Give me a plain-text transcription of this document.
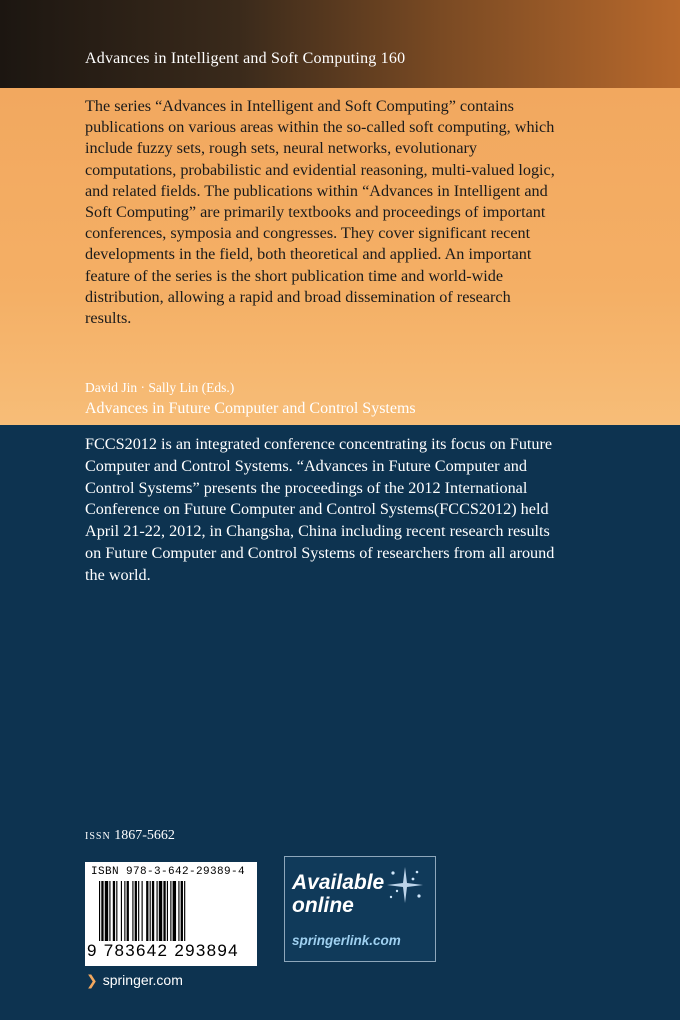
Advances in Intelligent and Soft Computing 160

The series “Advances in Intelligent and Soft Computing” contains publications on various areas within the so-called soft computing, which include fuzzy sets, rough sets, neural networks, evolutionary computations, probabilistic and evidential reasoning, multi-valued logic, and related fields. The publications within “Advances in Intelligent and Soft Computing” are primarily textbooks and proceedings of important conferences, symposia and congresses. They cover significant recent developments in the field, both theoretical and applied. An important feature of the series is the short publication time and world-wide distribution, allowing a rapid and broad dissemination of research results.

David Jin · Sally Lin (Eds.)
Advances in Future Computer and Control Systems

FCCS2012 is an integrated conference concentrating its focus on Future Computer and Control Systems. “Advances in Future Computer and Control Systems” presents the proceedings of the 2012 International Conference on Future Computer and Control Systems(FCCS2012) held April 21-22, 2012, in Changsha, China including recent research results on Future Computer and Control Systems of researchers from all around the world.

issn 1867-5662
ISBN 978-3-642-29389-4
9 783642 293894

Available
online

springerlink.com
❯ springer.com
